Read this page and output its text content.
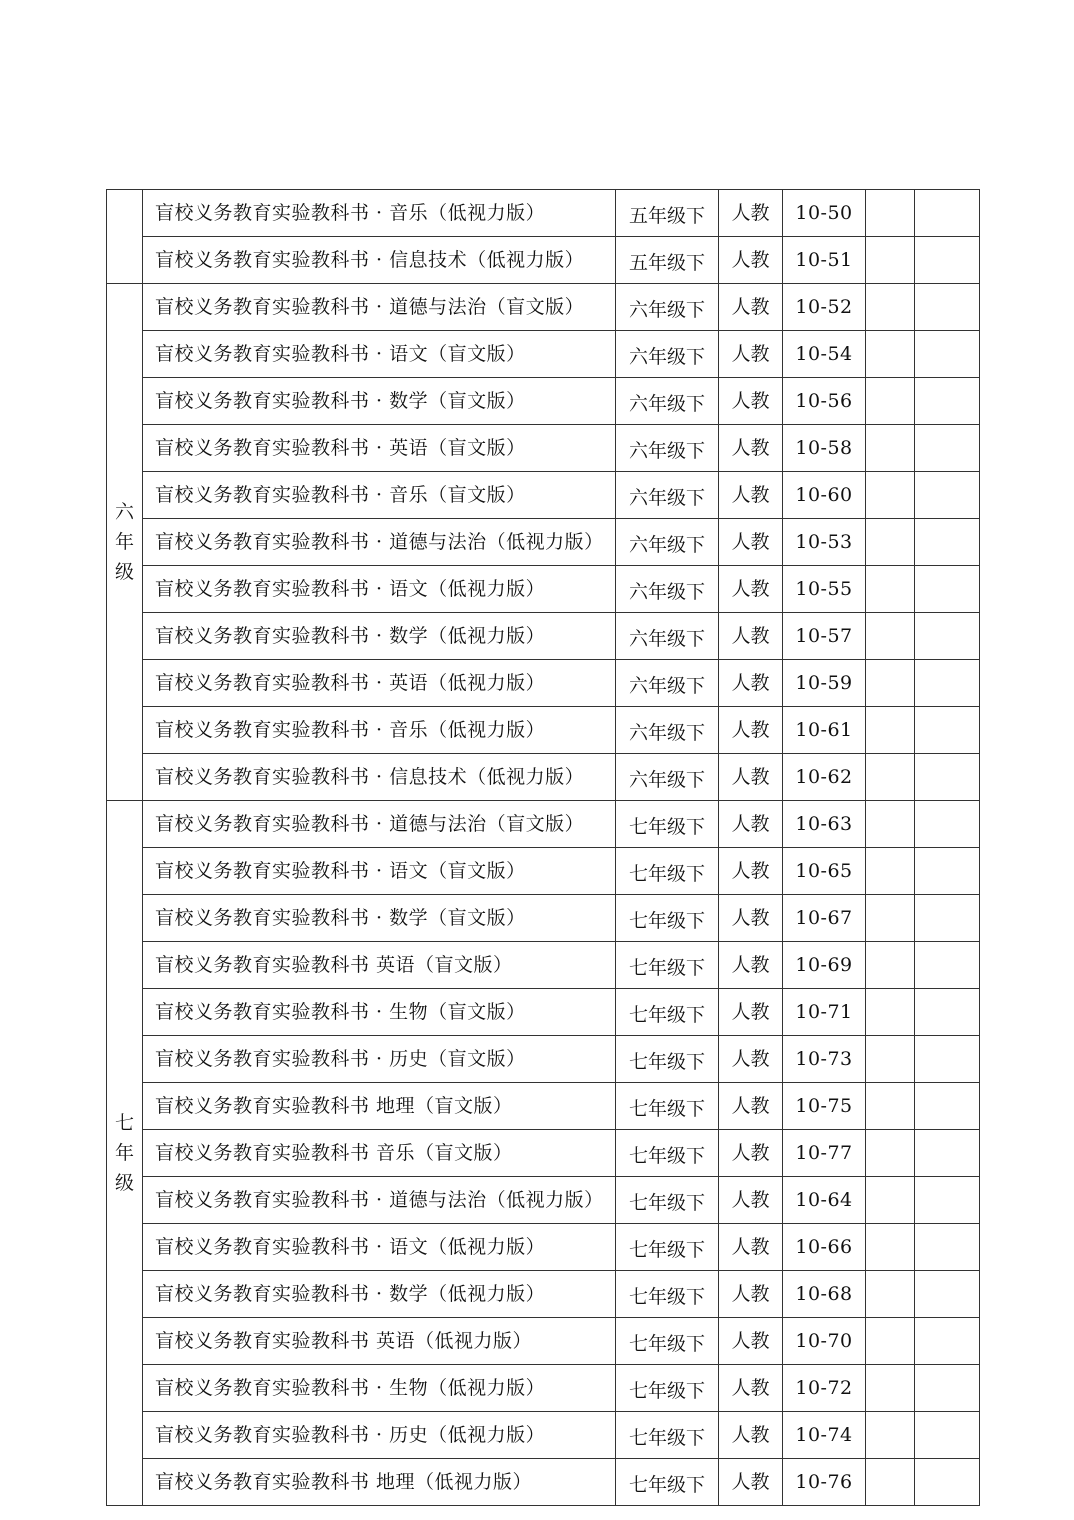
	盲校义务教育实验教科书 · 音乐（低视力版）	五年级下	人教	10-50		
	盲校义务教育实验教科书 · 信息技术（低视力版）	五年级下	人教	10-51		

六
年
级	盲校义务教育实验教科书 · 道德与法治（盲文版）	六年级下	人教	10-52		
	盲校义务教育实验教科书 · 语文（盲文版）	六年级下	人教	10-54		
	盲校义务教育实验教科书 · 数学（盲文版）	六年级下	人教	10-56		
	盲校义务教育实验教科书 · 英语（盲文版）	六年级下	人教	10-58		
	盲校义务教育实验教科书 · 音乐（盲文版）	六年级下	人教	10-60		
	盲校义务教育实验教科书 · 道德与法治（低视力版）	六年级下	人教	10-53		
	盲校义务教育实验教科书 · 语文（低视力版）	六年级下	人教	10-55		
	盲校义务教育实验教科书 · 数学（低视力版）	六年级下	人教	10-57		
	盲校义务教育实验教科书 · 英语（低视力版）	六年级下	人教	10-59		
	盲校义务教育实验教科书 · 音乐（低视力版）	六年级下	人教	10-61		
	盲校义务教育实验教科书 · 信息技术（低视力版）	六年级下	人教	10-62		

七
年
级	盲校义务教育实验教科书 · 道德与法治（盲文版）	七年级下	人教	10-63		
	盲校义务教育实验教科书 · 语文（盲文版）	七年级下	人教	10-65		
	盲校义务教育实验教科书 · 数学（盲文版）	七年级下	人教	10-67		
	盲校义务教育实验教科书 英语（盲文版）	七年级下	人教	10-69		
	盲校义务教育实验教科书 · 生物（盲文版）	七年级下	人教	10-71		
	盲校义务教育实验教科书 · 历史（盲文版）	七年级下	人教	10-73		
	盲校义务教育实验教科书 地理（盲文版）	七年级下	人教	10-75		
	盲校义务教育实验教科书 音乐（盲文版）	七年级下	人教	10-77		
	盲校义务教育实验教科书 · 道德与法治（低视力版）	七年级下	人教	10-64		
	盲校义务教育实验教科书 · 语文（低视力版）	七年级下	人教	10-66		
	盲校义务教育实验教科书 · 数学（低视力版）	七年级下	人教	10-68		
	盲校义务教育实验教科书 英语（低视力版）	七年级下	人教	10-70		
	盲校义务教育实验教科书 · 生物（低视力版）	七年级下	人教	10-72		
	盲校义务教育实验教科书 · 历史（低视力版）	七年级下	人教	10-74		
	盲校义务教育实验教科书 地理（低视力版）	七年级下	人教	10-76		
